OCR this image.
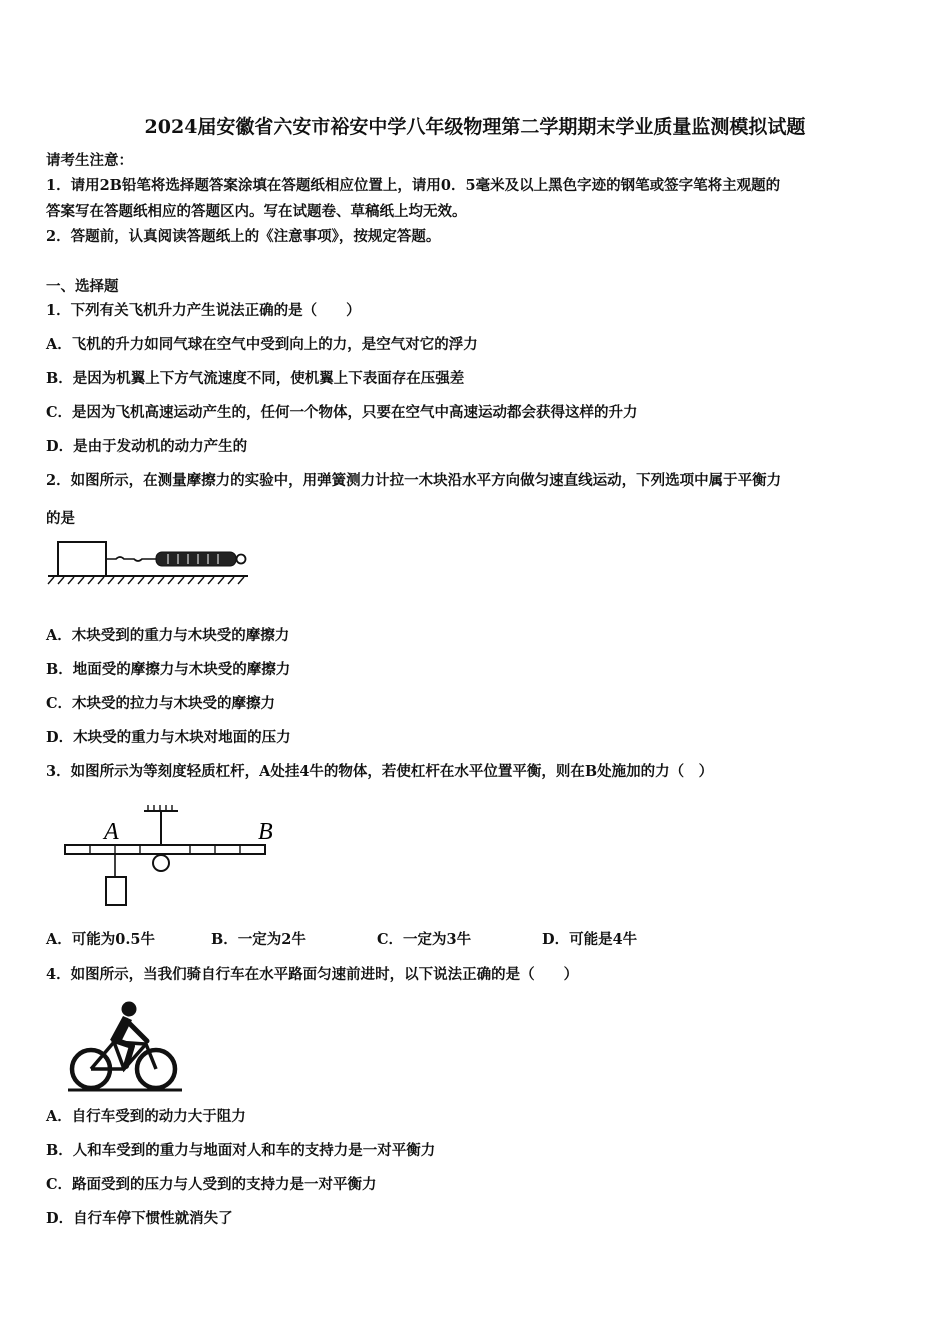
2024届安徽省六安市裕安中学八年级物理第二学期期末学业质量监测模拟试题
请考生注意：
1．请用2B铅笔将选择题答案涂填在答题纸相应位置上，请用0．5毫米及以上黑色字迹的钢笔或签字笔将主观题的
答案写在答题纸相应的答题区内。写在试题卷、草稿纸上均无效。
2．答题前，认真阅读答题纸上的《注意事项》，按规定答题。
一、选择题
1．下列有关飞机升力产生说法正确的是（　　）
A．飞机的升力如同气球在空气中受到向上的力，是空气对它的浮力
B．是因为机翼上下方气流速度不同，使机翼上下表面存在压强差
C．是因为飞机高速运动产生的，任何一个物体，只要在空气中高速运动都会获得这样的升力
D．是由于发动机的动力产生的
2．如图所示，在测量摩擦力的实验中，用弹簧测力计拉一木块沿水平方向做匀速直线运动，下列选项中属于平衡力
的是
A．木块受到的重力与木块受的摩擦力
B．地面受的摩擦力与木块受的摩擦力
C．木块受的拉力与木块受的摩擦力
D．木块受的重力与木块对地面的压力
3．如图所示为等刻度轻质杠杆，A处挂4牛的物体，若使杠杆在水平位置平衡，则在B处施加的力（　）
A	B
A．可能为0.5牛	B．一定为2牛	C．一定为3牛	D．可能是4牛
4．如图所示，当我们骑自行车在水平路面匀速前进时，以下说法正确的是（　　）
A．自行车受到的动力大于阻力
B．人和车受到的重力与地面对人和车的支持力是一对平衡力
C．路面受到的压力与人受到的支持力是一对平衡力
D．自行车停下惯性就消失了
